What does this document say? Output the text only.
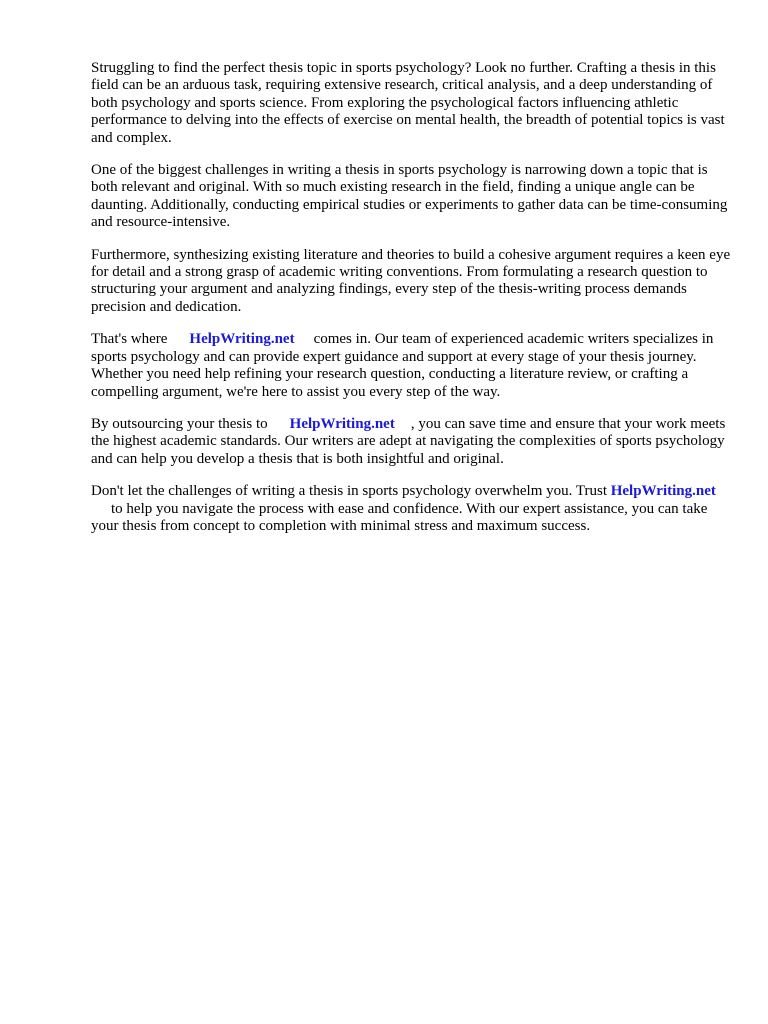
Struggling to find the perfect thesis topic in sports psychology? Look no further. Crafting a thesis in this field can be an arduous task, requiring extensive research, critical analysis, and a deep understanding of both psychology and sports science. From exploring the psychological factors influencing athletic performance to delving into the effects of exercise on mental health, the breadth of potential topics is vast and complex.

One of the biggest challenges in writing a thesis in sports psychology is narrowing down a topic that is both relevant and original. With so much existing research in the field, finding a unique angle can be daunting. Additionally, conducting empirical studies or experiments to gather data can be time-consuming and resource-intensive.

Furthermore, synthesizing existing literature and theories to build a cohesive argument requires a keen eye for detail and a strong grasp of academic writing conventions. From formulating a research question to structuring your argument and analyzing findings, every step of the thesis-writing process demands precision and dedication.

That's where HelpWriting.net comes in. Our team of experienced academic writers specializes in sports psychology and can provide expert guidance and support at every stage of your thesis journey. Whether you need help refining your research question, conducting a literature review, or crafting a compelling argument, we're here to assist you every step of the way.

By outsourcing your thesis to HelpWriting.net , you can save time and ensure that your work meets the highest academic standards. Our writers are adept at navigating the complexities of sports psychology and can help you develop a thesis that is both insightful and original.

Don't let the challenges of writing a thesis in sports psychology overwhelm you. Trust HelpWriting.netto help you navigate the process with ease and confidence. With our expert assistance, you can take your thesis from concept to completion with minimal stress and maximum success.
